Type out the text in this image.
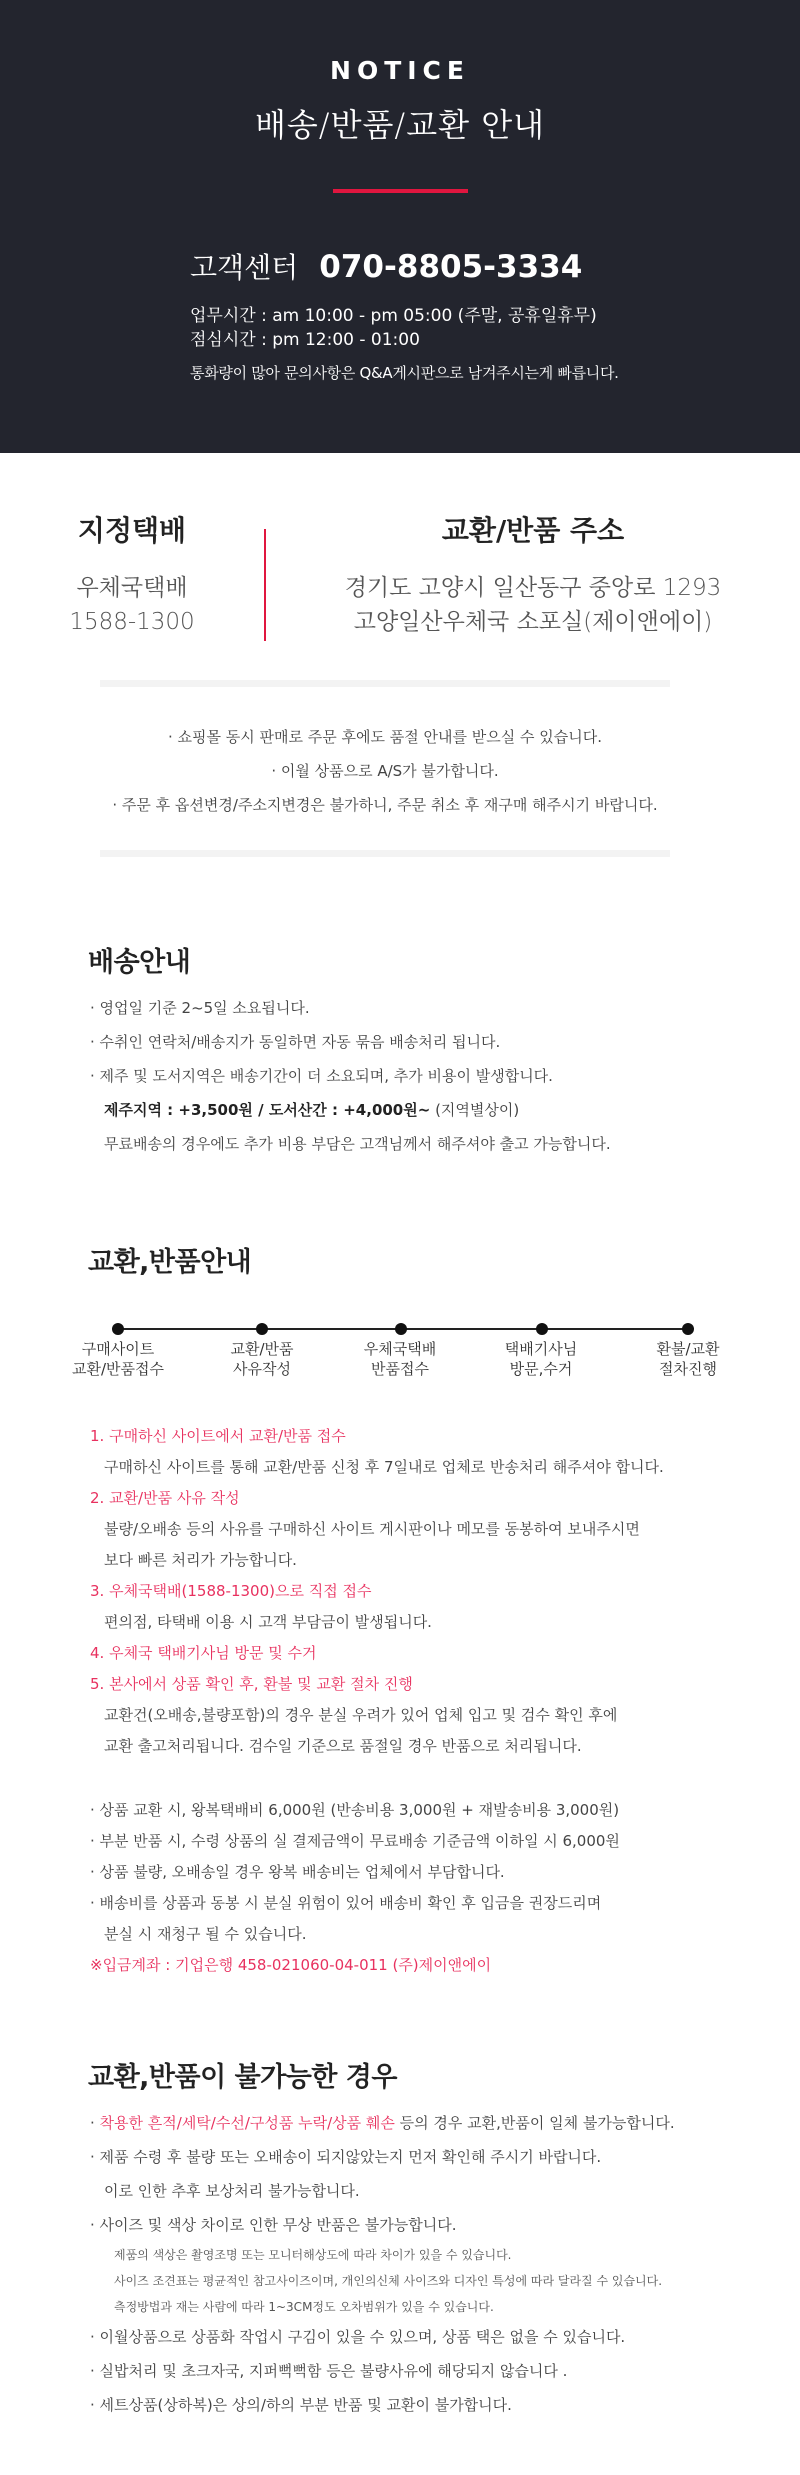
NOTICE
배송/반품/교환 안내
고객센터 070-8805-3334
업무시간 : am 10:00 - pm 05:00 (주말, 공휴일휴무)
점심시간 : pm 12:00 - 01:00
통화량이 많아 문의사항은 Q&A게시판으로 남겨주시는게 빠릅니다.
지정택배
우체국택배
1588-1300
교환/반품 주소
경기도 고양시 일산동구 중앙로 1293
고양일산우체국 소포실(제이앤에이)
· 쇼핑몰 동시 판매로 주문 후에도 품절 안내를 받으실 수 있습니다.
· 이월 상품으로 A/S가 불가합니다.
· 주문 후 옵션변경/주소지변경은 불가하니, 주문 취소 후 재구매 해주시기 바랍니다.
배송안내
· 영업일 기준 2~5일 소요됩니다.
· 수취인 연락처/배송지가 동일하면 자동 묶음 배송처리 됩니다.
· 제주 및 도서지역은 배송기간이 더 소요되며, 추가 비용이 발생합니다.
제주지역 : +3,500원 / 도서산간 : +4,000원~ (지역별상이)
무료배송의 경우에도 추가 비용 부담은 고객님께서 해주셔야 출고 가능합니다.
교환,반품안내
구매사이트
교환/반품접수
교환/반품
사유작성
우체국택배
반품접수
택배기사님
방문,수거
환불/교환
절차진행
1. 구매하신 사이트에서 교환/반품 접수
구매하신 사이트를 통해 교환/반품 신청 후 7일내로 업체로 반송처리 해주셔야 합니다.
2. 교환/반품 사유 작성
불량/오배송 등의 사유를 구매하신 사이트 게시판이나 메모를 동봉하여 보내주시면
보다 빠른 처리가 가능합니다.
3. 우체국택배(1588-1300)으로 직접 접수
편의점, 타택배 이용 시 고객 부담금이 발생됩니다.
4. 우체국 택배기사님 방문 및 수거
5. 본사에서 상품 확인 후, 환불 및 교환 절차 진행
교환건(오배송,불량포함)의 경우 분실 우려가 있어 업체 입고 및 검수 확인 후에
교환 출고처리됩니다. 검수일 기준으로 품절일 경우 반품으로 처리됩니다.
· 상품 교환 시, 왕복택배비 6,000원 (반송비용 3,000원 + 재발송비용 3,000원)
· 부분 반품 시, 수령 상품의 실 결제금액이 무료배송 기준금액 이하일 시 6,000원
· 상품 불량, 오배송일 경우 왕복 배송비는 업체에서 부담합니다.
· 배송비를 상품과 동봉 시 분실 위험이 있어 배송비 확인 후 입금을 권장드리며
분실 시 재청구 될 수 있습니다.
※입금계좌 : 기업은행 458-021060-04-011 (주)제이앤에이
교환,반품이 불가능한 경우
· 착용한 흔적/세탁/수선/구성품 누락/상품 훼손 등의 경우 교환,반품이 일체 불가능합니다.
· 제품 수령 후 불량 또는 오배송이 되지않았는지 먼저 확인해 주시기 바랍니다.
이로 인한 추후 보상처리 불가능합니다.
· 사이즈 및 색상 차이로 인한 무상 반품은 불가능합니다.
제품의 색상은 촬영조명 또는 모니터해상도에 따라 차이가 있을 수 있습니다.
사이즈 조견표는 평균적인 참고사이즈이며, 개인의신체 사이즈와 디자인 특성에 따라 달라질 수 있습니다.
측정방법과 재는 사람에 따라 1~3CM정도 오차범위가 있을 수 있습니다.
· 이월상품으로 상품화 작업시 구김이 있을 수 있으며, 상품 택은 없을 수 있습니다.
· 실밥처리 및 초크자국, 지퍼뻑뻑함 등은 불량사유에 해당되지 않습니다 .
· 세트상품(상하복)은 상의/하의 부분 반품 및 교환이 불가합니다.
